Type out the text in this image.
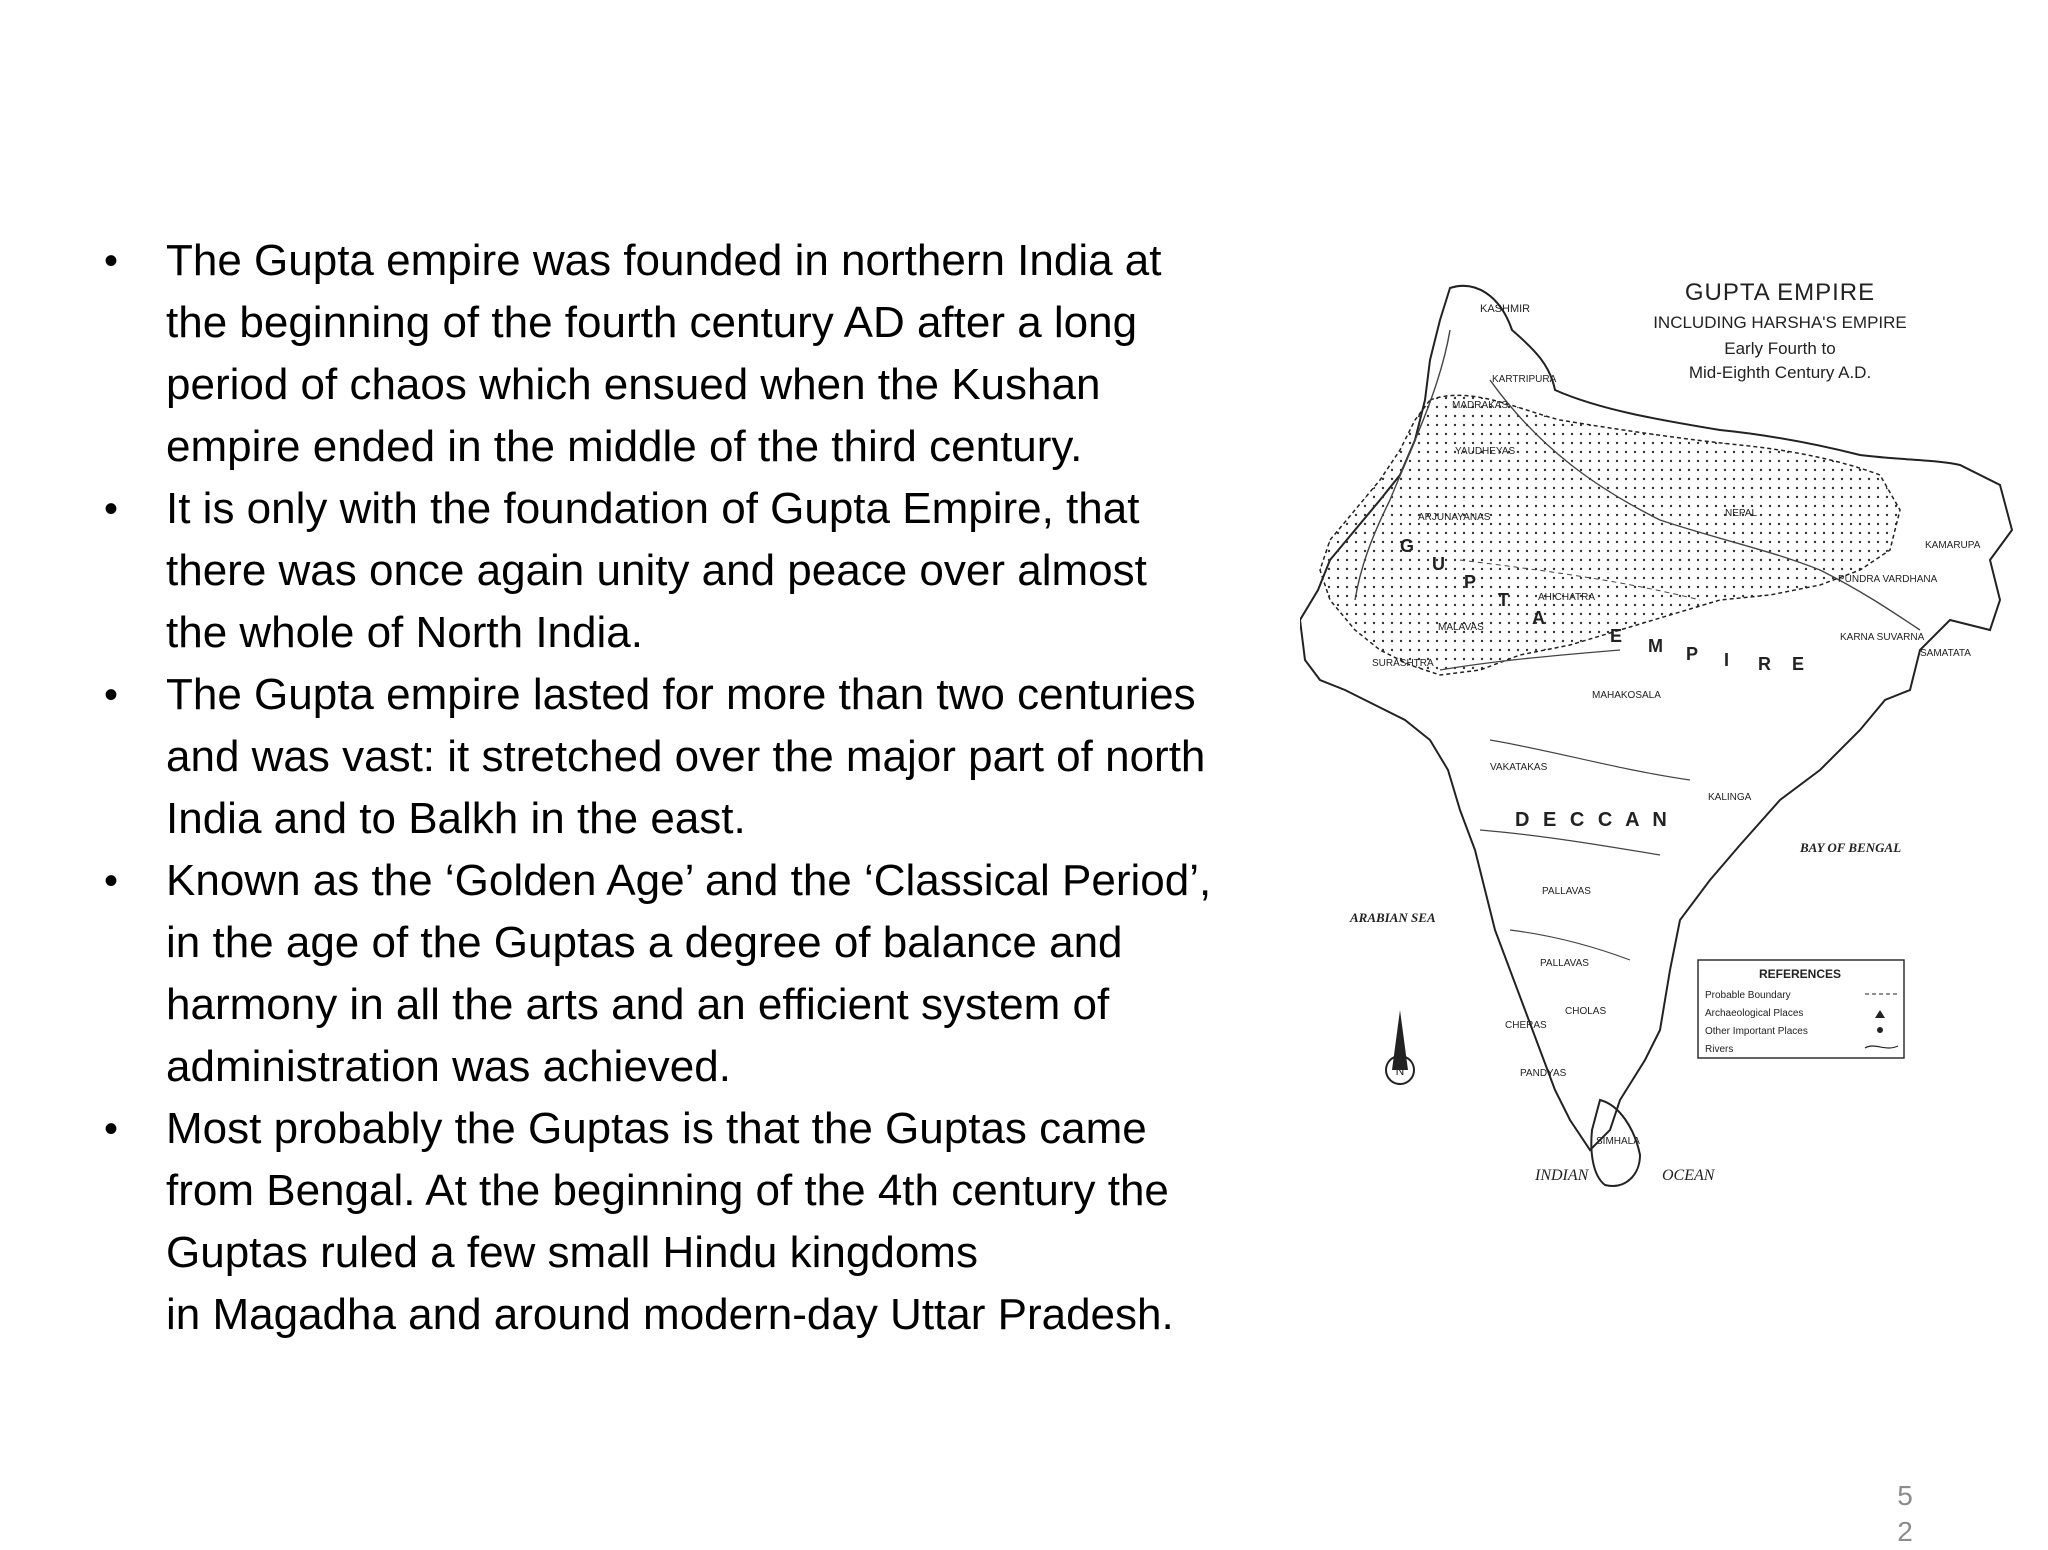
• The Gupta empire was founded in northern India at
the beginning of the fourth century AD after a long
period of chaos which ensued when the Kushan
empire ended in the middle of the third century.
• It is only with the foundation of Gupta Empire, that
there was once again unity and peace over almost
the whole of North India.
• The Gupta empire lasted for more than two centuries
and was vast: it stretched over the major part of north
India and to Balkh in the east.
• Known as the ‘Golden Age’ and the ‘Classical Period’,
in the age of the Guptas a degree of balance and
harmony in all the arts and an efficient system of
administration was achieved.
• Most probably the Guptas is that the Guptas came
from Bengal. At the beginning of the 4th century the
Guptas ruled a few small Hindu kingdoms
in Magadha and around modern-day Uttar Pradesh.
GUPTA EMPIRE
INCLUDING HARSHA'S EMPIRE
Early Fourth to
Mid-Eighth Century A.D.
KASHMIR
KARTRIPURA
MADRAKAS
YAUDHEYAS
ARJUNAYANAS	NEPAL
KAMARUPA
PUNDRA VARDHANA
AHICHATRA
MALAVAS
KARNA SUVARNA
SAMATATA
SURASHTRA
MAHAKOSALA
VAKATAKAS
KALINGA
D E C C A N
PALLAVAS
PALLAVAS
CHOLAS
CHERAS
PANDYAS
SIMHALA
G
U
P
T
A
E M P I R E
ARABIAN SEA
BAY OF BENGAL
INDIAN	OCEAN
N
REFERENCES
Probable Boundary
Archaeological Places
Other Important Places
Rivers
5
2
